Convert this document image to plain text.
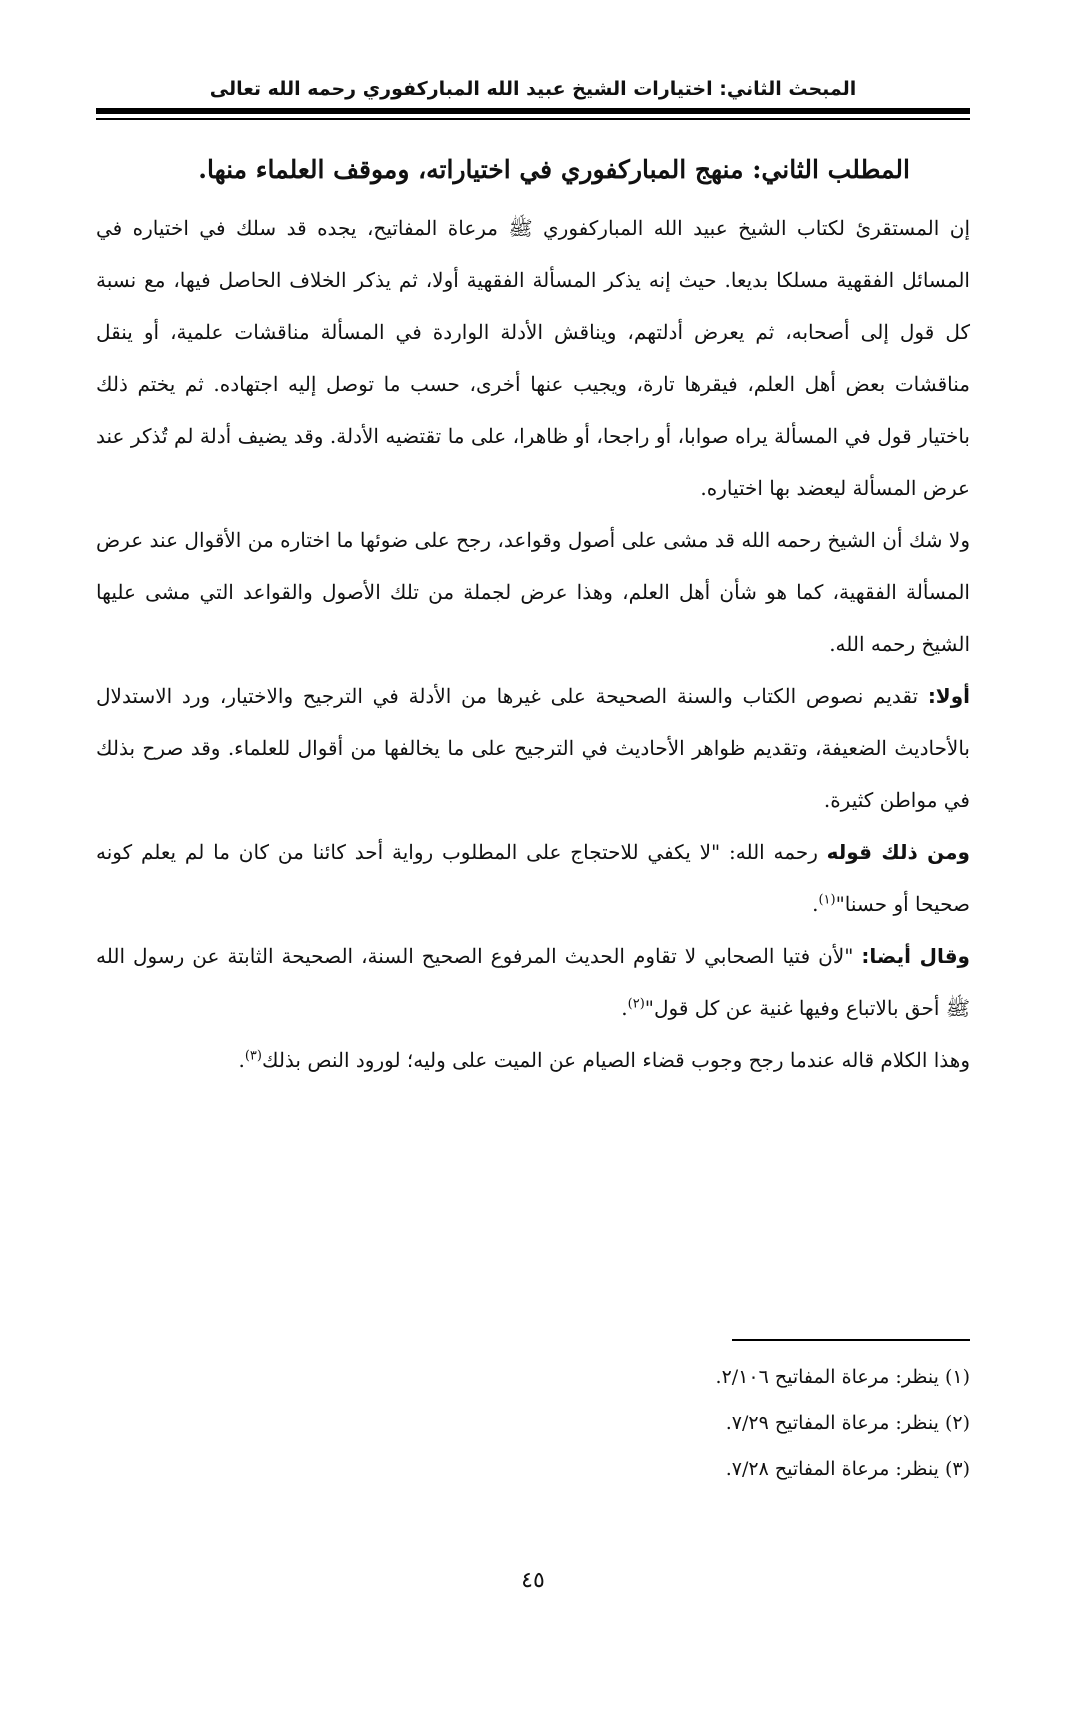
المبحث الثاني: اختيارات الشيخ عبيد الله المباركفوري رحمه الله تعالى
المطلب الثاني: منهج المباركفوري في اختياراته، وموقف العلماء منها.

إن المستقرئ لكتاب الشيخ عبيد الله المباركفوري ﷺ مرعاة المفاتيح، يجده قد سلك في اختياره في المسائل الفقهية مسلكا بديعا. حيث إنه يذكر المسألة الفقهية أولا، ثم يذكر الخلاف الحاصل فيها، مع نسبة كل قول إلى أصحابه، ثم يعرض أدلتهم، ويناقش الأدلة الواردة في المسألة مناقشات علمية، أو ينقل مناقشات بعض أهل العلم، فيقرها تارة، ويجيب عنها أخرى، حسب ما توصل إليه اجتهاده. ثم يختم ذلك باختيار قول في المسألة يراه صوابا، أو راجحا، أو ظاهرا، على ما تقتضيه الأدلة. وقد يضيف أدلة لم تُذكر عند عرض المسألة ليعضد بها اختياره.

ولا شك أن الشيخ رحمه الله قد مشى على أصول وقواعد، رجح على ضوئها ما اختاره من الأقوال عند عرض المسألة الفقهية، كما هو شأن أهل العلم، وهذا عرض لجملة من تلك الأصول والقواعد التي مشى عليها الشيخ رحمه الله.

أولا: تقديم نصوص الكتاب والسنة الصحيحة على غيرها من الأدلة في الترجيح والاختيار، ورد الاستدلال بالأحاديث الضعيفة، وتقديم ظواهر الأحاديث في الترجيح على ما يخالفها من أقوال للعلماء. وقد صرح بذلك في مواطن كثيرة.

ومن ذلك قوله رحمه الله: "لا يكفي للاحتجاج على المطلوب رواية أحد كائنا من كان ما لم يعلم كونه صحيحا أو حسنا"$^{(١)}$.

وقال أيضا: "لأن فتيا الصحابي لا تقاوم الحديث المرفوع الصحيح السنة، الصحيحة الثابتة عن رسول الله ﷺ أحق بالاتباع وفيها غنية عن كل قول"$^{(٢)}$.

وهذا الكلام قاله عندما رجح وجوب قضاء الصيام عن الميت على وليه؛ لورود النص بذلك$^{(٣)}$.

(١) ينظر: مرعاة المفاتيح ٢/١٠٦.

(٢) ينظر: مرعاة المفاتيح ٧/٢٩.

(٣) ينظر: مرعاة المفاتيح ٧/٢٨.

٤٥
